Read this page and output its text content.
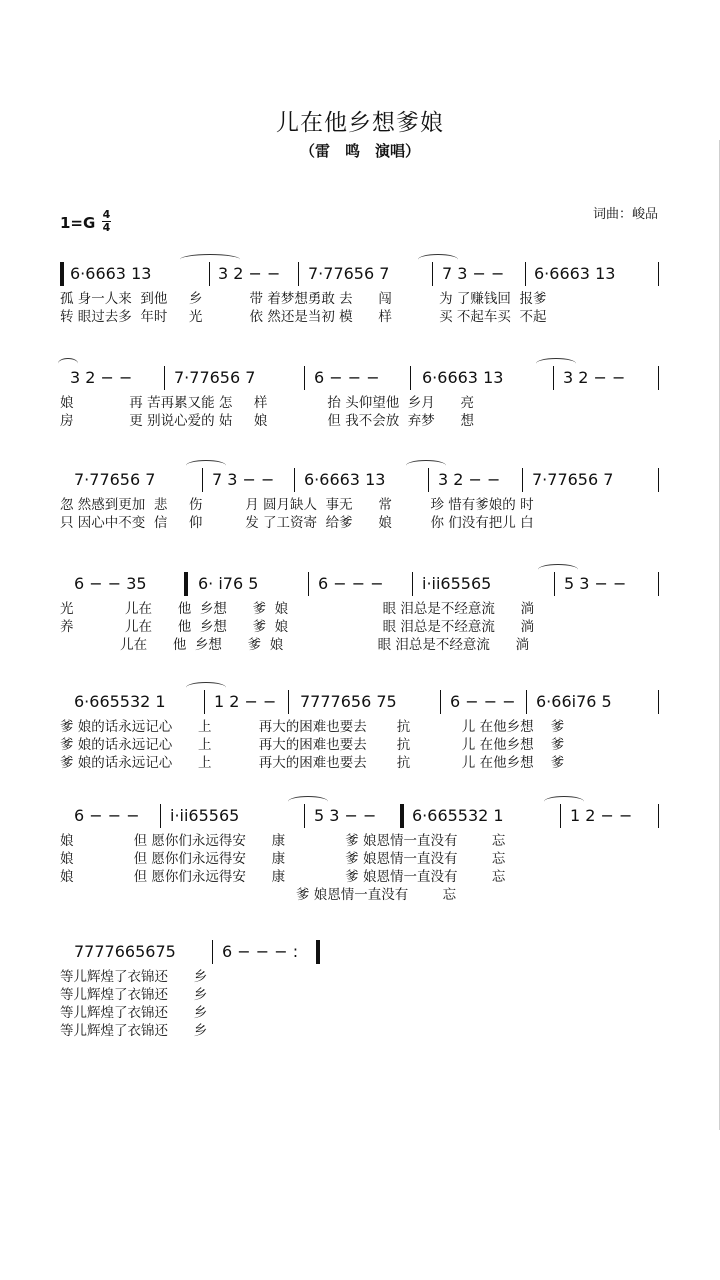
儿在他乡想爹娘
（雷　鸣　演唱）
1=G 4
4
词曲：峻品
6·6663 13	3 2 − − 7·77656 7	7 3 − − 6·6663 13
孤 身一人来  到他     乡           带 着梦想勇敢 去      闯           为 了赚钱回  报爹
转 眼过去多  年时     光           依 然还是当初 模      样           买 不起车买  不起
3 2 − −	7·77656 7	6 − − −	6·6663 13	3 2 − −
娘             再 苦再累又能 怎     样              抬 头仰望他  乡月      亮
房             更 别说心爱的 姑     娘              但 我不会放  弃梦      想
7·77656 7	7 3 − − 6·6663 13	3 2 − − 7·77656 7
忽 然感到更加  悲     伤          月 圆月缺人  事无      常         珍 惜有爹娘的 时
只 因心中不变  信     仰          发 了工资寄  给爹      娘         你 们没有把儿 白
6 − − 35	6· i76 5	6 − − − i·ii65565	5 3 − −
光            儿在      他  乡想      爹  娘                      眼 泪总是不经意流      淌
养            儿在      他  乡想      爹  娘                      眼 泪总是不经意流      淌
儿在      他  乡想      爹  娘                      眼 泪总是不经意流      淌
6·665532 1	1 2 − − 7777656 75	6 − − − 6·66i76 5
爹 娘的话永远记心      上           再大的困难也要去       抗            儿 在他乡想    爹
爹 娘的话永远记心      上           再大的困难也要去       抗            儿 在他乡想    爹
爹 娘的话永远记心      上           再大的困难也要去       抗            儿 在他乡想    爹
6 − − − i·ii65565	5 3 − − 6·665532 1	1 2 − −
娘              但 愿你们永远得安      康              爹 娘恩情一直没有        忘
娘              但 愿你们永远得安      康              爹 娘恩情一直没有        忘
娘              但 愿你们永远得安      康              爹 娘恩情一直没有        忘
爹 娘恩情一直没有        忘
7777665675	6 − − − :
等儿辉煌了衣锦还      乡
等儿辉煌了衣锦还      乡
等儿辉煌了衣锦还      乡
等儿辉煌了衣锦还      乡
